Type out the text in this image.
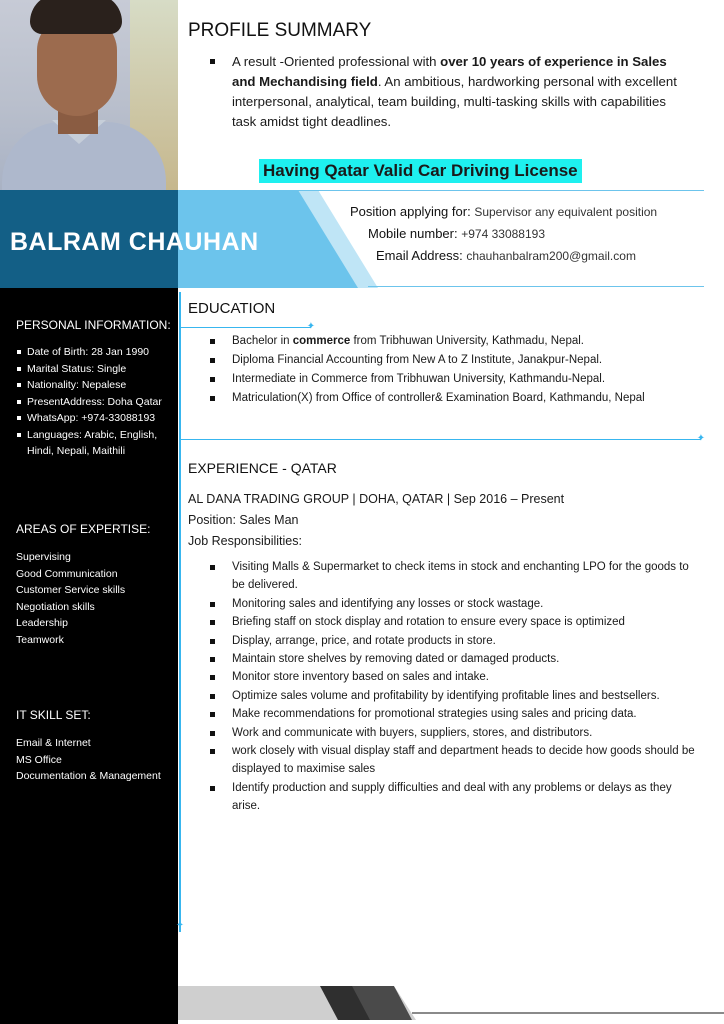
BALRAM CHAUHAN
Position applying for: Supervisor any equivalent position
Mobile number: +974 33088193
Email Address: chauhanbalram200@gmail.com
PROFILE SUMMARY
A result -Oriented professional with over 10 years of experience in Sales and Mechandising field. An ambitious, hardworking personal with excellent interpersonal, analytical, team building, multi-tasking skills with capabilities task amidst tight deadlines.
Having Qatar Valid Car Driving License
✦
✦
✦
EDUCATION
Bachelor in commerce from Tribhuwan University, Kathmadu, Nepal.
Diploma Financial Accounting from New A to Z Institute, Janakpur-Nepal.
Intermediate in Commerce from Tribhuwan University, Kathmandu-Nepal.
Matriculation(X) from Office of controller& Examination Board, Kathmandu, Nepal
EXPERIENCE - QATAR
AL DANA TRADING GROUP | DOHA, QATAR | Sep 2016 – Present
Position: Sales Man
Job Responsibilities:
Visiting Malls & Supermarket to check items in stock and enchanting LPO for the goods to be delivered.
Monitoring sales and identifying any losses or stock wastage.
Briefing staff on stock display and rotation to ensure every space is optimized
Display, arrange, price, and rotate products in store.
Maintain store shelves by removing dated or damaged products.
Monitor store inventory based on sales and intake.
Optimize sales volume and profitability by identifying profitable lines and bestsellers.
Make recommendations for promotional strategies using sales and pricing data.
Work and communicate with buyers, suppliers, stores, and distributors.
work closely with visual display staff and department heads to decide how goods should be displayed to maximise sales
Identify production and supply difficulties and deal with any problems or delays as they arise.
PERSONAL INFORMATION:
Date of Birth: 28 Jan 1990
Marital Status: Single
Nationality: Nepalese
PresentAddress: Doha Qatar
WhatsApp: +974-33088193
Languages: Arabic, English, Hindi, Nepali, Maithili
AREAS OF EXPERTISE:
Supervising
Good Communication
Customer Service skills
Negotiation skills
Leadership
Teamwork
IT SKILL SET:
Email & Internet
MS Office
Documentation & Management
